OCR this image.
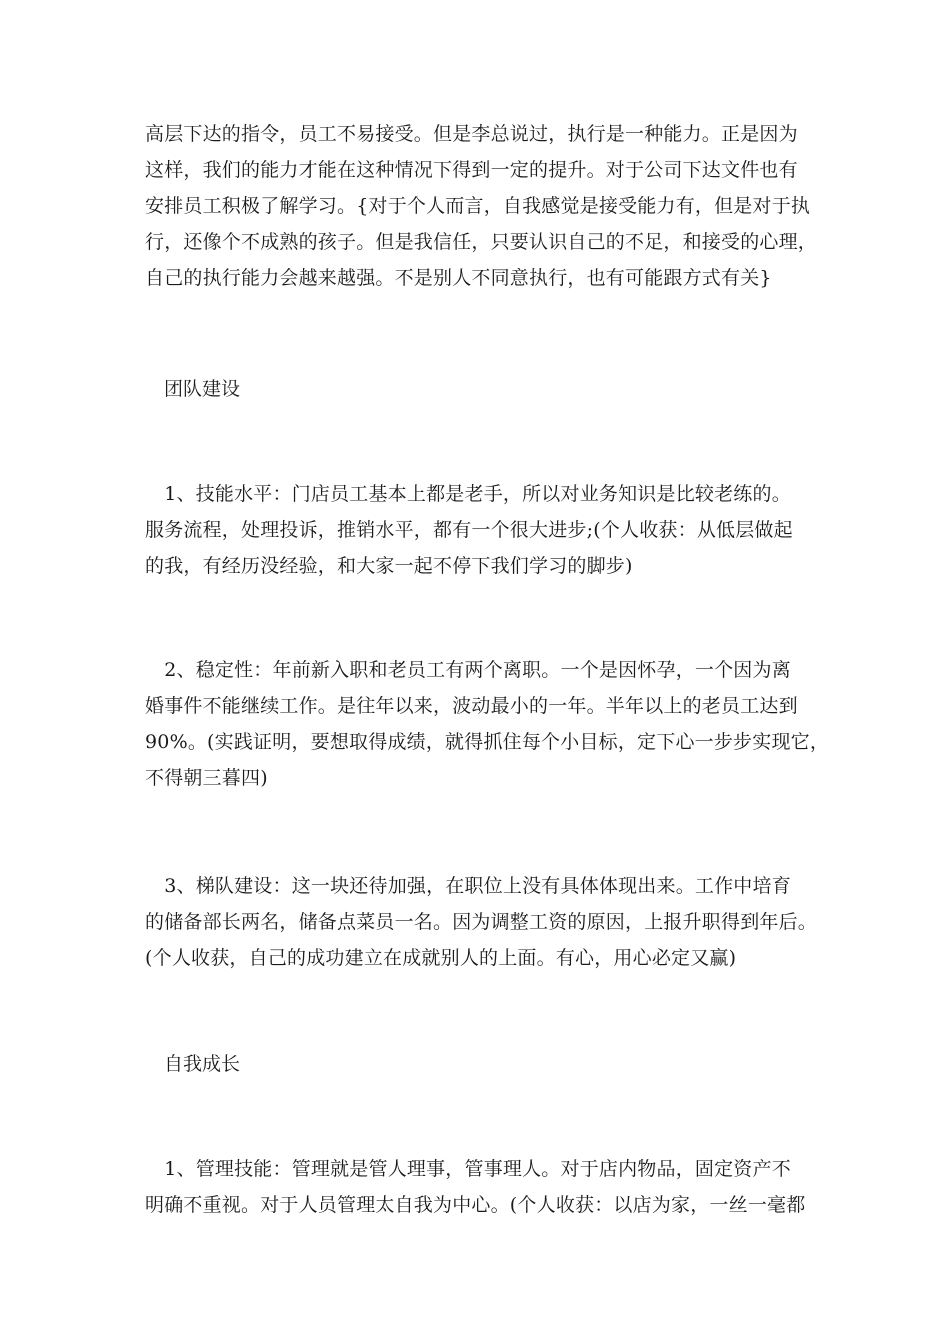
高层下达的指令，员工不易接受。但是李总说过，执行是一种能力。正是因为
这样，我们的能力才能在这种情况下得到一定的提升。对于公司下达文件也有
安排员工积极了解学习。{对于个人而言，自我感觉是接受能力有，但是对于执
行，还像个不成熟的孩子。但是我信任，只要认识自己的不足，和接受的心理，
自己的执行能力会越来越强。不是别人不同意执行，也有可能跟方式有关}
　团队建设
　1、技能水平：门店员工基本上都是老手，所以对业务知识是比较老练的。
服务流程，处理投诉，推销水平，都有一个很大进步;(个人收获：从低层做起
的我，有经历没经验，和大家一起不停下我们学习的脚步)
　2、稳定性：年前新入职和老员工有两个离职。一个是因怀孕，一个因为离
婚事件不能继续工作。是往年以来，波动最小的一年。半年以上的老员工达到
90%。(实践证明，要想取得成绩，就得抓住每个小目标，定下心一步步实现它，
不得朝三暮四)
　3、梯队建设：这一块还待加强，在职位上没有具体体现出来。工作中培育
的储备部长两名，储备点菜员一名。因为调整工资的原因，上报升职得到年后。
(个人收获，自己的成功建立在成就别人的上面。有心，用心必定又赢)
　自我成长
　1、管理技能：管理就是管人理事，管事理人。对于店内物品，固定资产不
明确不重视。对于人员管理太自我为中心。(个人收获：以店为家，一丝一毫都
